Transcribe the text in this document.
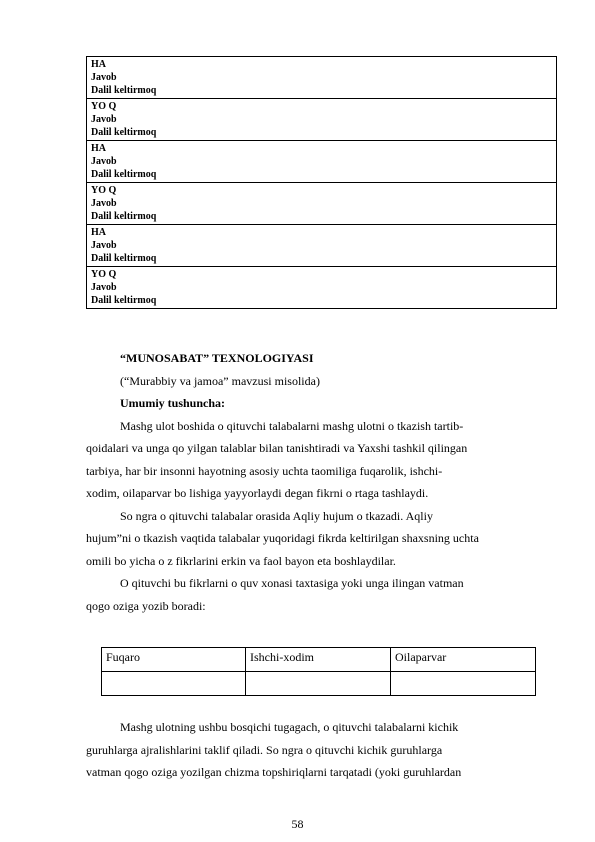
HA
Javob
Dalil keltirmoq

YO Q
Javob
Dalil keltirmoq

HA
Javob
Dalil keltirmoq

YO Q
Javob
Dalil keltirmoq

HA
Javob
Dalil keltirmoq

YO Q
Javob
Dalil keltirmoq

“MUNOSABAT” TEXNOLOGIYASI

(“Murabbiy va jamoa” mavzusi misolida)

Umumiy tushuncha:

Mashg ulot boshida o qituvchi talabalarni mashg ulotni o tkazish tartib-

qoidalari va unga qo yilgan talablar bilan tanishtiradi va Yaxshi tashkil qilingan

tarbiya, har bir insonni hayotning asosiy uchta taomiliga fuqarolik, ishchi-

xodim, oilaparvar bo lishiga yayyorlaydi degan fikrni o rtaga tashlaydi.

So ngra o qituvchi talabalar orasida Aqliy hujum o tkazadi. Aqliy

hujum”ni o tkazish vaqtida talabalar yuqoridagi fikrda keltirilgan shaxsning uchta

omili bo yicha o z fikrlarini erkin va faol bayon eta boshlaydilar.

O qituvchi bu fikrlarni o quv xonasi taxtasiga yoki unga ilingan vatman

qogo oziga yozib boradi:

Fuqaro	Ishchi-xodim	Oilaparvar

Mashg ulotning ushbu bosqichi tugagach, o qituvchi talabalarni kichik

guruhlarga ajralishlarini taklif qiladi. So ngra o qituvchi kichik guruhlarga

vatman qogo oziga yozilgan chizma topshiriqlarni tarqatadi (yoki guruhlardan

58
